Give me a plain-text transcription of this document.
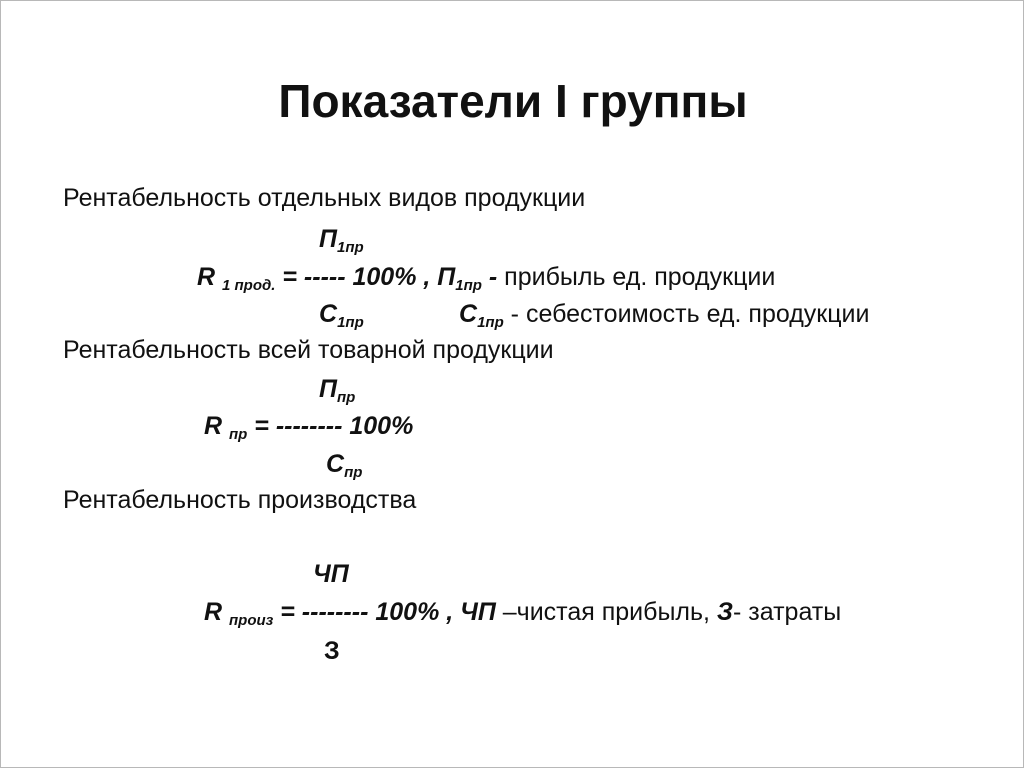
Показатели I группы
Рентабельность отдельных видов продукции
$П_{1пр}$
R $_{1 прод.}$ = ----- 100% , $П_{1пр}$ - прибыль ед. продукции
$С_{1пр}$	$С_{1пр}$ - себестоимость ед. продукции
Рентабельность всей товарной продукции
$П_{пр}$
R $_{пр}$ = -------- 100%
$С_{пр}$
Рентабельность производства
ЧП
R $_{произ}$ = -------- 100% , ЧП –чистая прибыль, З- затраты
З
